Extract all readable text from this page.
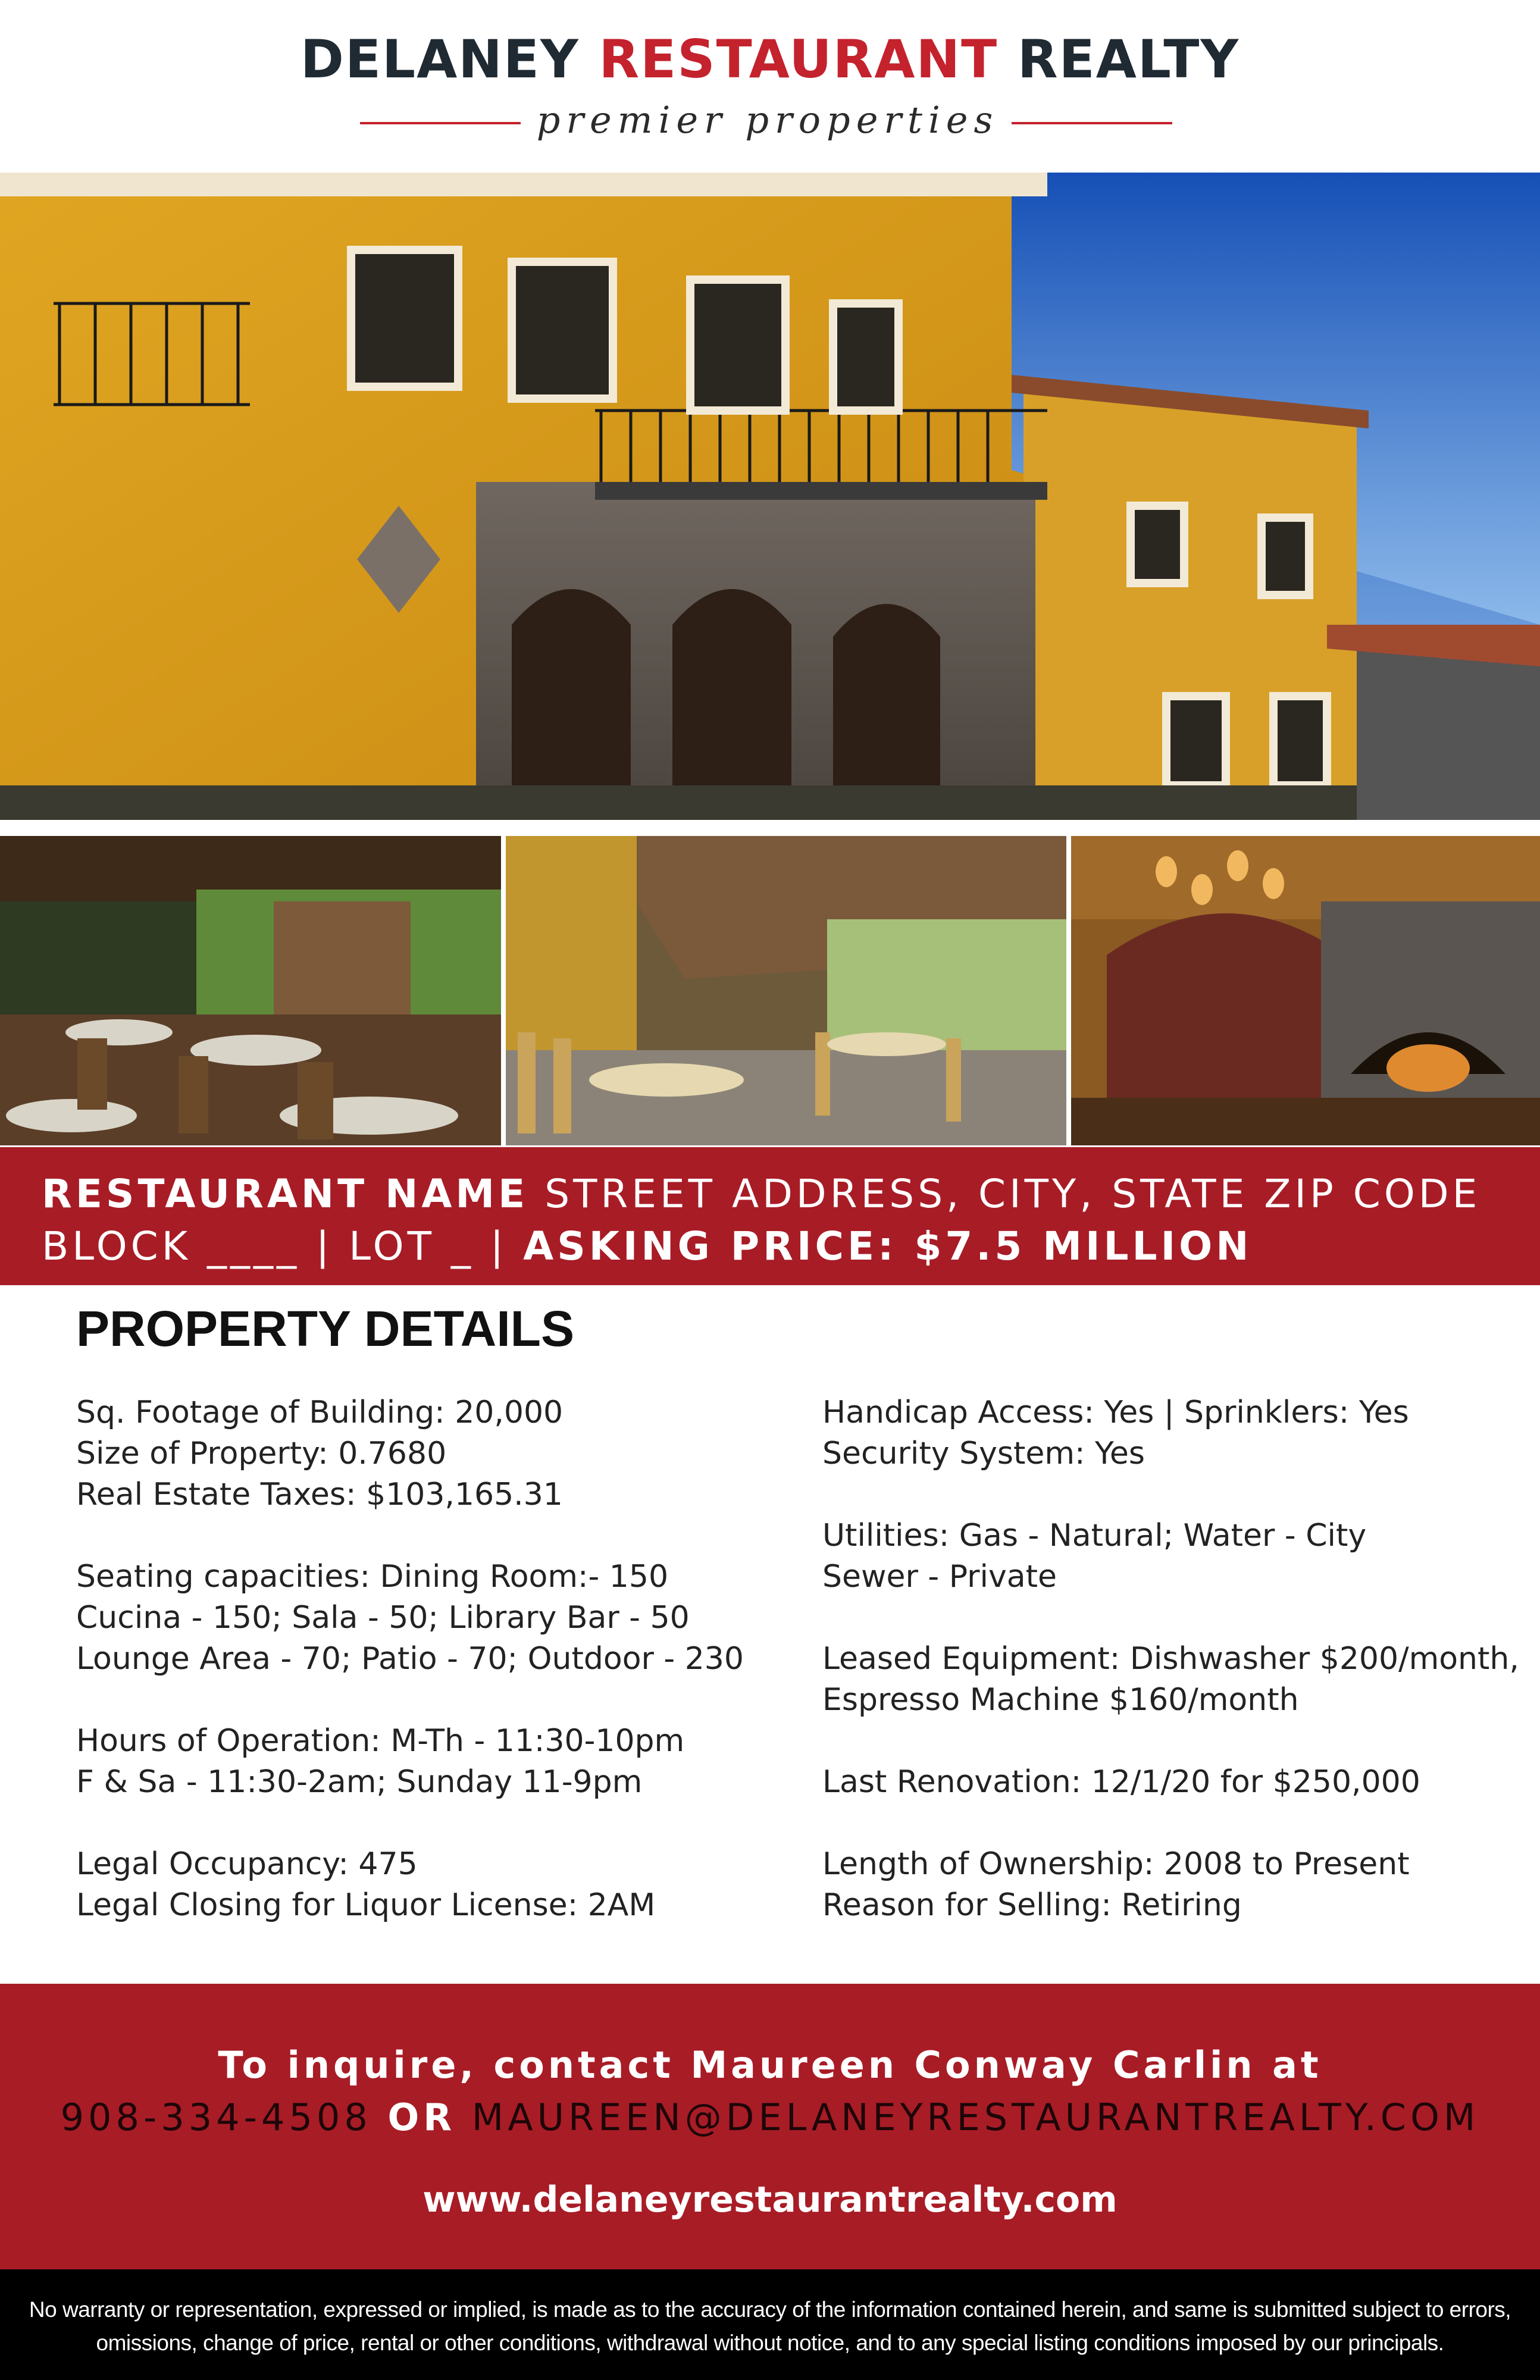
DELANEY RESTAURANT REALTY
premier properties
RESTAURANT NAME STREET ADDRESS, CITY, STATE ZIP CODE
BLOCK ____ | LOT _ | ASKING PRICE: $7.5 MILLION
PROPERTY DETAILS
Sq. Footage of Building: 20,000
Size of Property: 0.7680
Real Estate Taxes: $103,165.31
Seating capacities: Dining Room:- 150
Cucina - 150; Sala - 50; Library Bar - 50
Lounge Area - 70; Patio - 70; Outdoor - 230
Hours of Operation: M-Th - 11:30-10pm
F & Sa - 11:30-2am; Sunday 11-9pm
Legal Occupancy: 475
Legal Closing for Liquor License: 2AM
Handicap Access: Yes | Sprinklers: Yes
Security System: Yes
Utilities: Gas - Natural; Water - City
Sewer - Private
Leased Equipment: Dishwasher $200/month,
Espresso Machine $160/month
Last Renovation: 12/1/20 for $250,000
Length of Ownership: 2008 to Present
Reason for Selling: Retiring
To inquire, contact Maureen Conway Carlin at
908-334-4508 OR MAUREEN@DELANEYRESTAURANTREALTY.COM
www.delaneyrestaurantrealty.com
No warranty or representation, expressed or implied, is made as to the accuracy of the information contained herein, and same is submitted subject to errors,
omissions, change of price, rental or other conditions, withdrawal without notice, and to any special listing conditions imposed by our principals.
